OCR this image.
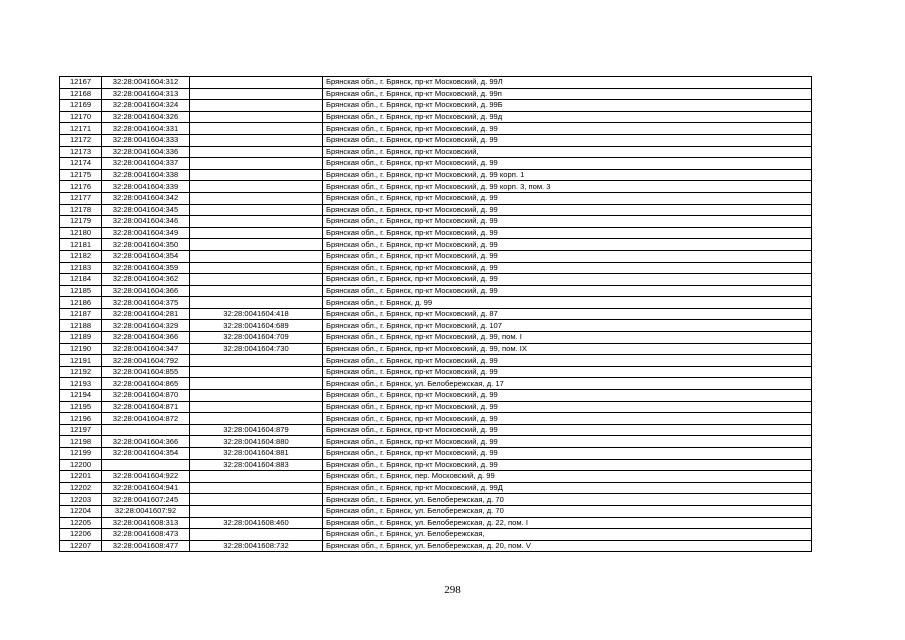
12167	32:28:0041604:312		Брянская обл., г. Брянск, пр-кт Московский, д. 99Л
12168	32:28:0041604:313		Брянская обл., г. Брянск, пр-кт Московский, д. 99п
12169	32:28:0041604:324		Брянская обл., г. Брянск, пр-кт Московский, д. 99Б
12170	32:28:0041604:326		Брянская обл., г. Брянск, пр-кт Московский, д. 99д
12171	32:28:0041604:331		Брянская обл., г. Брянск, пр-кт Московский, д. 99
12172	32:28:0041604:333		Брянская обл., г. Брянск, пр-кт Московский, д. 99
12173	32:28:0041604:336		Брянская обл., г. Брянск, пр-кт Московский,
12174	32:28:0041604:337		Брянская обл., г. Брянск, пр-кт Московский, д. 99
12175	32:28:0041604:338		Брянская обл., г. Брянск, пр-кт Московский, д. 99 корп. 1
12176	32:28:0041604:339		Брянская обл., г. Брянск, пр-кт Московский, д. 99 корп. 3, пом. 3
12177	32:28:0041604:342		Брянская обл., г. Брянск, пр-кт Московский, д. 99
12178	32:28:0041604:345		Брянская обл., г. Брянск, пр-кт Московский, д. 99
12179	32:28:0041604:346		Брянская обл., г. Брянск, пр-кт Московский, д. 99
12180	32:28:0041604:349		Брянская обл., г. Брянск, пр-кт Московский, д. 99
12181	32:28:0041604:350		Брянская обл., г. Брянск, пр-кт Московский, д. 99
12182	32:28:0041604:354		Брянская обл., г. Брянск, пр-кт Московский, д. 99
12183	32:28:0041604:359		Брянская обл., г. Брянск, пр-кт Московский, д. 99
12184	32:28:0041604:362		Брянская обл., г. Брянск, пр-кт Московский, д. 99
12185	32:28:0041604:366		Брянская обл., г. Брянск, пр-кт Московский, д. 99
12186	32:28:0041604:375		Брянская обл., г. Брянск, д. 99
12187	32:28:0041604:281	32:28:0041604:418	Брянская обл., г. Брянск, пр-кт Московский, д. 87
12188	32:28:0041604:329	32:28:0041604:689	Брянская обл., г. Брянск, пр-кт Московский, д. 107
12189	32:28:0041604:366	32:28:0041604:709	Брянская обл., г. Брянск, пр-кт Московский, д. 99, пом. I
12190	32:28:0041604:347	32:28:0041604:730	Брянская обл., г. Брянск, пр-кт Московский, д. 99, пом. IX
12191	32:28:0041604:792		Брянская обл., г. Брянск, пр-кт Московский, д. 99
12192	32:28:0041604:855		Брянская обл., г. Брянск, пр-кт Московский, д. 99
12193	32:28:0041604:865		Брянская обл., г. Брянск, ул. Белобережская, д. 17
12194	32:28:0041604:870		Брянская обл., г. Брянск, пр-кт Московский, д. 99
12195	32:28:0041604:871		Брянская обл., г. Брянск, пр-кт Московский, д. 99
12196	32:28:0041604:872		Брянская обл., г. Брянск, пр-кт Московский, д. 99
12197		32:28:0041604:879	Брянская обл., г. Брянск, пр-кт Московский, д. 99
12198	32:28:0041604:366	32:28:0041604:880	Брянская обл., г. Брянск, пр-кт Московский, д. 99
12199	32:28:0041604:354	32:28:0041604:881	Брянская обл., г. Брянск, пр-кт Московский, д. 99
12200		32:28:0041604:883	Брянская обл., г. Брянск, пр-кт Московский, д. 99
12201	32:28:0041604:922		Брянская обл., г. Брянск, пер. Московский, д. 99
12202	32:28:0041604:941		Брянская обл., г. Брянск, пр-кт Московский, д. 99Д
12203	32:28:0041607:245		Брянская обл., г. Брянск, ул. Белобережская, д. 70
12204	32:28:0041607:92		Брянская обл., г. Брянск, ул. Белобережская, д. 70
12205	32:28:0041608:313	32:28:0041608:460	Брянская обл., г. Брянск, ул. Белобережская, д. 22, пом. I
12206	32:28:0041608:473		Брянская обл., г. Брянск, ул. Белобережская,
12207	32:28:0041608:477	32:28:0041608:732	Брянская обл., г. Брянск, ул. Белобережская, д. 20, пом. V
298
